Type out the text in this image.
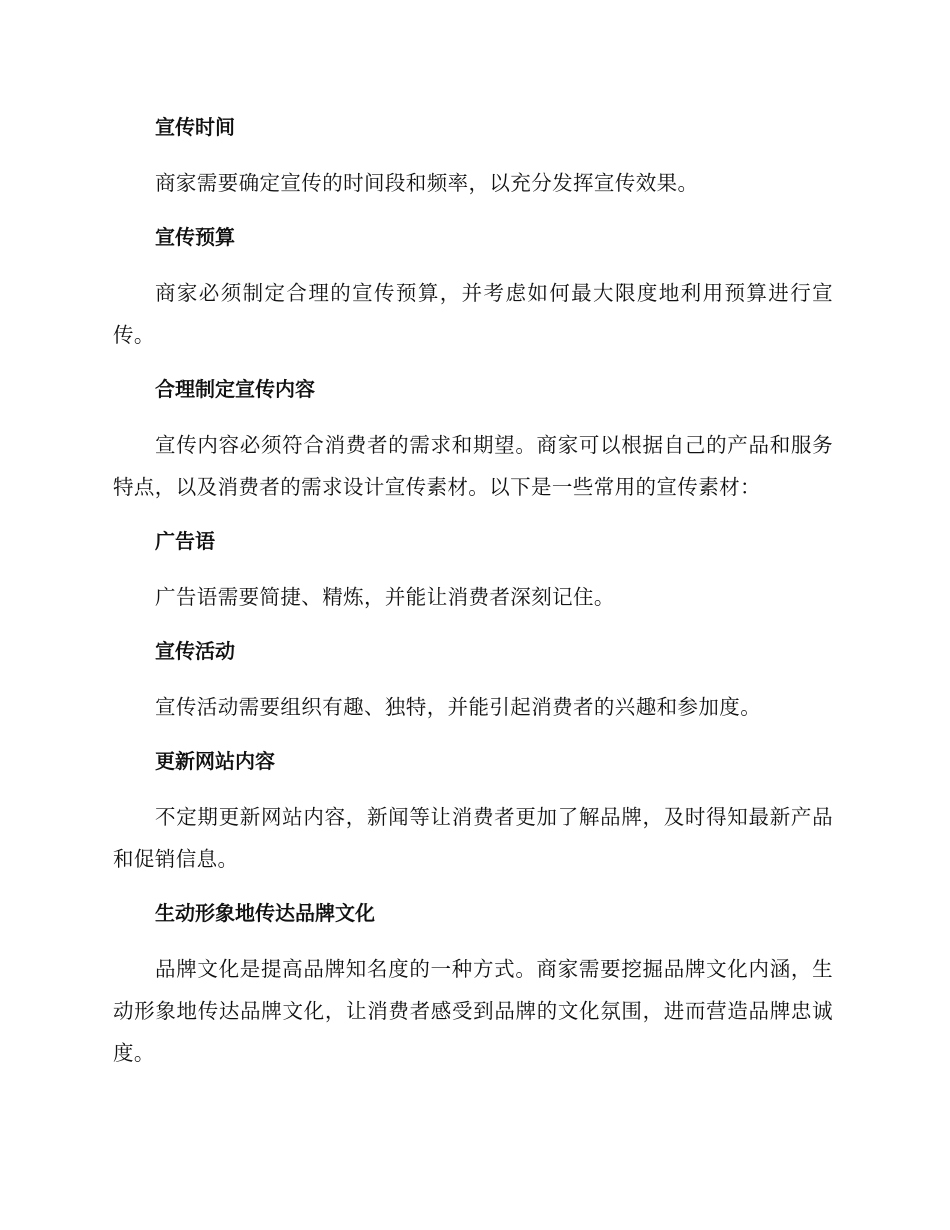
宣传时间

商家需要确定宣传的时间段和频率，以充分发挥宣传效果。

宣传预算

商家必须制定合理的宣传预算，并考虑如何最大限度地利用预算进行宣传。

合理制定宣传内容

宣传内容必须符合消费者的需求和期望。商家可以根据自己的产品和服务特点，以及消费者的需求设计宣传素材。以下是一些常用的宣传素材：

广告语

广告语需要简捷、精炼，并能让消费者深刻记住。

宣传活动

宣传活动需要组织有趣、独特，并能引起消费者的兴趣和参加度。

更新网站内容

不定期更新网站内容，新闻等让消费者更加了解品牌，及时得知最新产品和促销信息。

生动形象地传达品牌文化

品牌文化是提高品牌知名度的一种方式。商家需要挖掘品牌文化内涵，生动形象地传达品牌文化，让消费者感受到品牌的文化氛围，进而营造品牌忠诚度。
